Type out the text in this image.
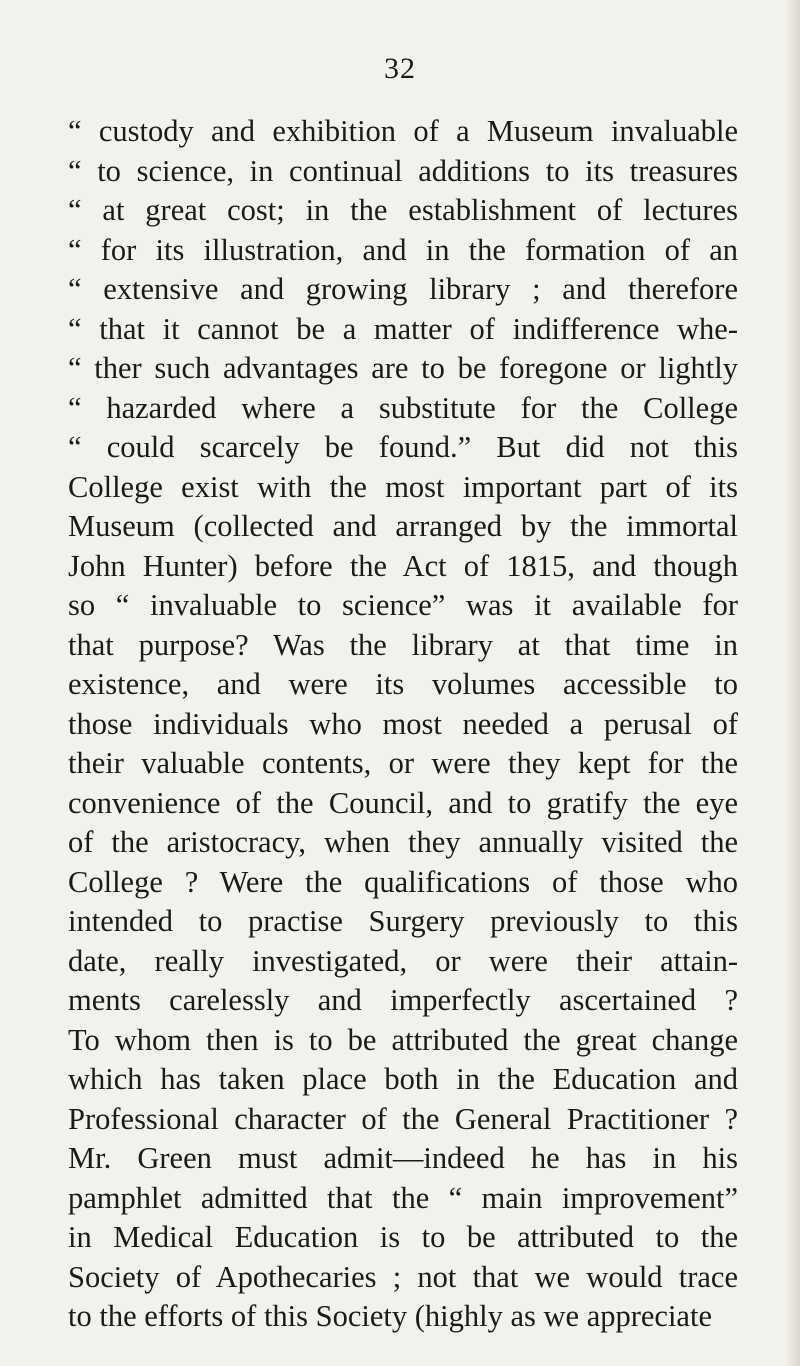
32
“ custody and exhibition of a Museum invaluable
“ to science, in continual additions to its treasures
“ at great cost; in the establishment of lectures
“ for its illustration, and in the formation of an
“ extensive and growing library ; and therefore
“ that it cannot be a matter of indifference whe-
“ ther such advantages are to be foregone or lightly
“ hazarded where a substitute for the College
“ could scarcely be found.” But did not this
College exist with the most important part of its
Museum (collected and arranged by the immortal
John Hunter) before the Act of 1815, and though
so “ invaluable to science” was it available for
that purpose? Was the library at that time in
existence, and were its volumes accessible to
those individuals who most needed a perusal of
their valuable contents, or were they kept for the
convenience of the Council, and to gratify the eye
of the aristocracy, when they annually visited the
College ? Were the qualifications of those who
intended to practise Surgery previously to this
date, really investigated, or were their attain-
ments carelessly and imperfectly ascertained ?
To whom then is to be attributed the great change
which has taken place both in the Education and
Professional character of the General Practitioner ?
Mr. Green must admit—indeed he has in his
pamphlet admitted that the “ main improvement”
in Medical Education is to be attributed to the
Society of Apothecaries ; not that we would trace
to the efforts of this Society (highly as we appreciate
